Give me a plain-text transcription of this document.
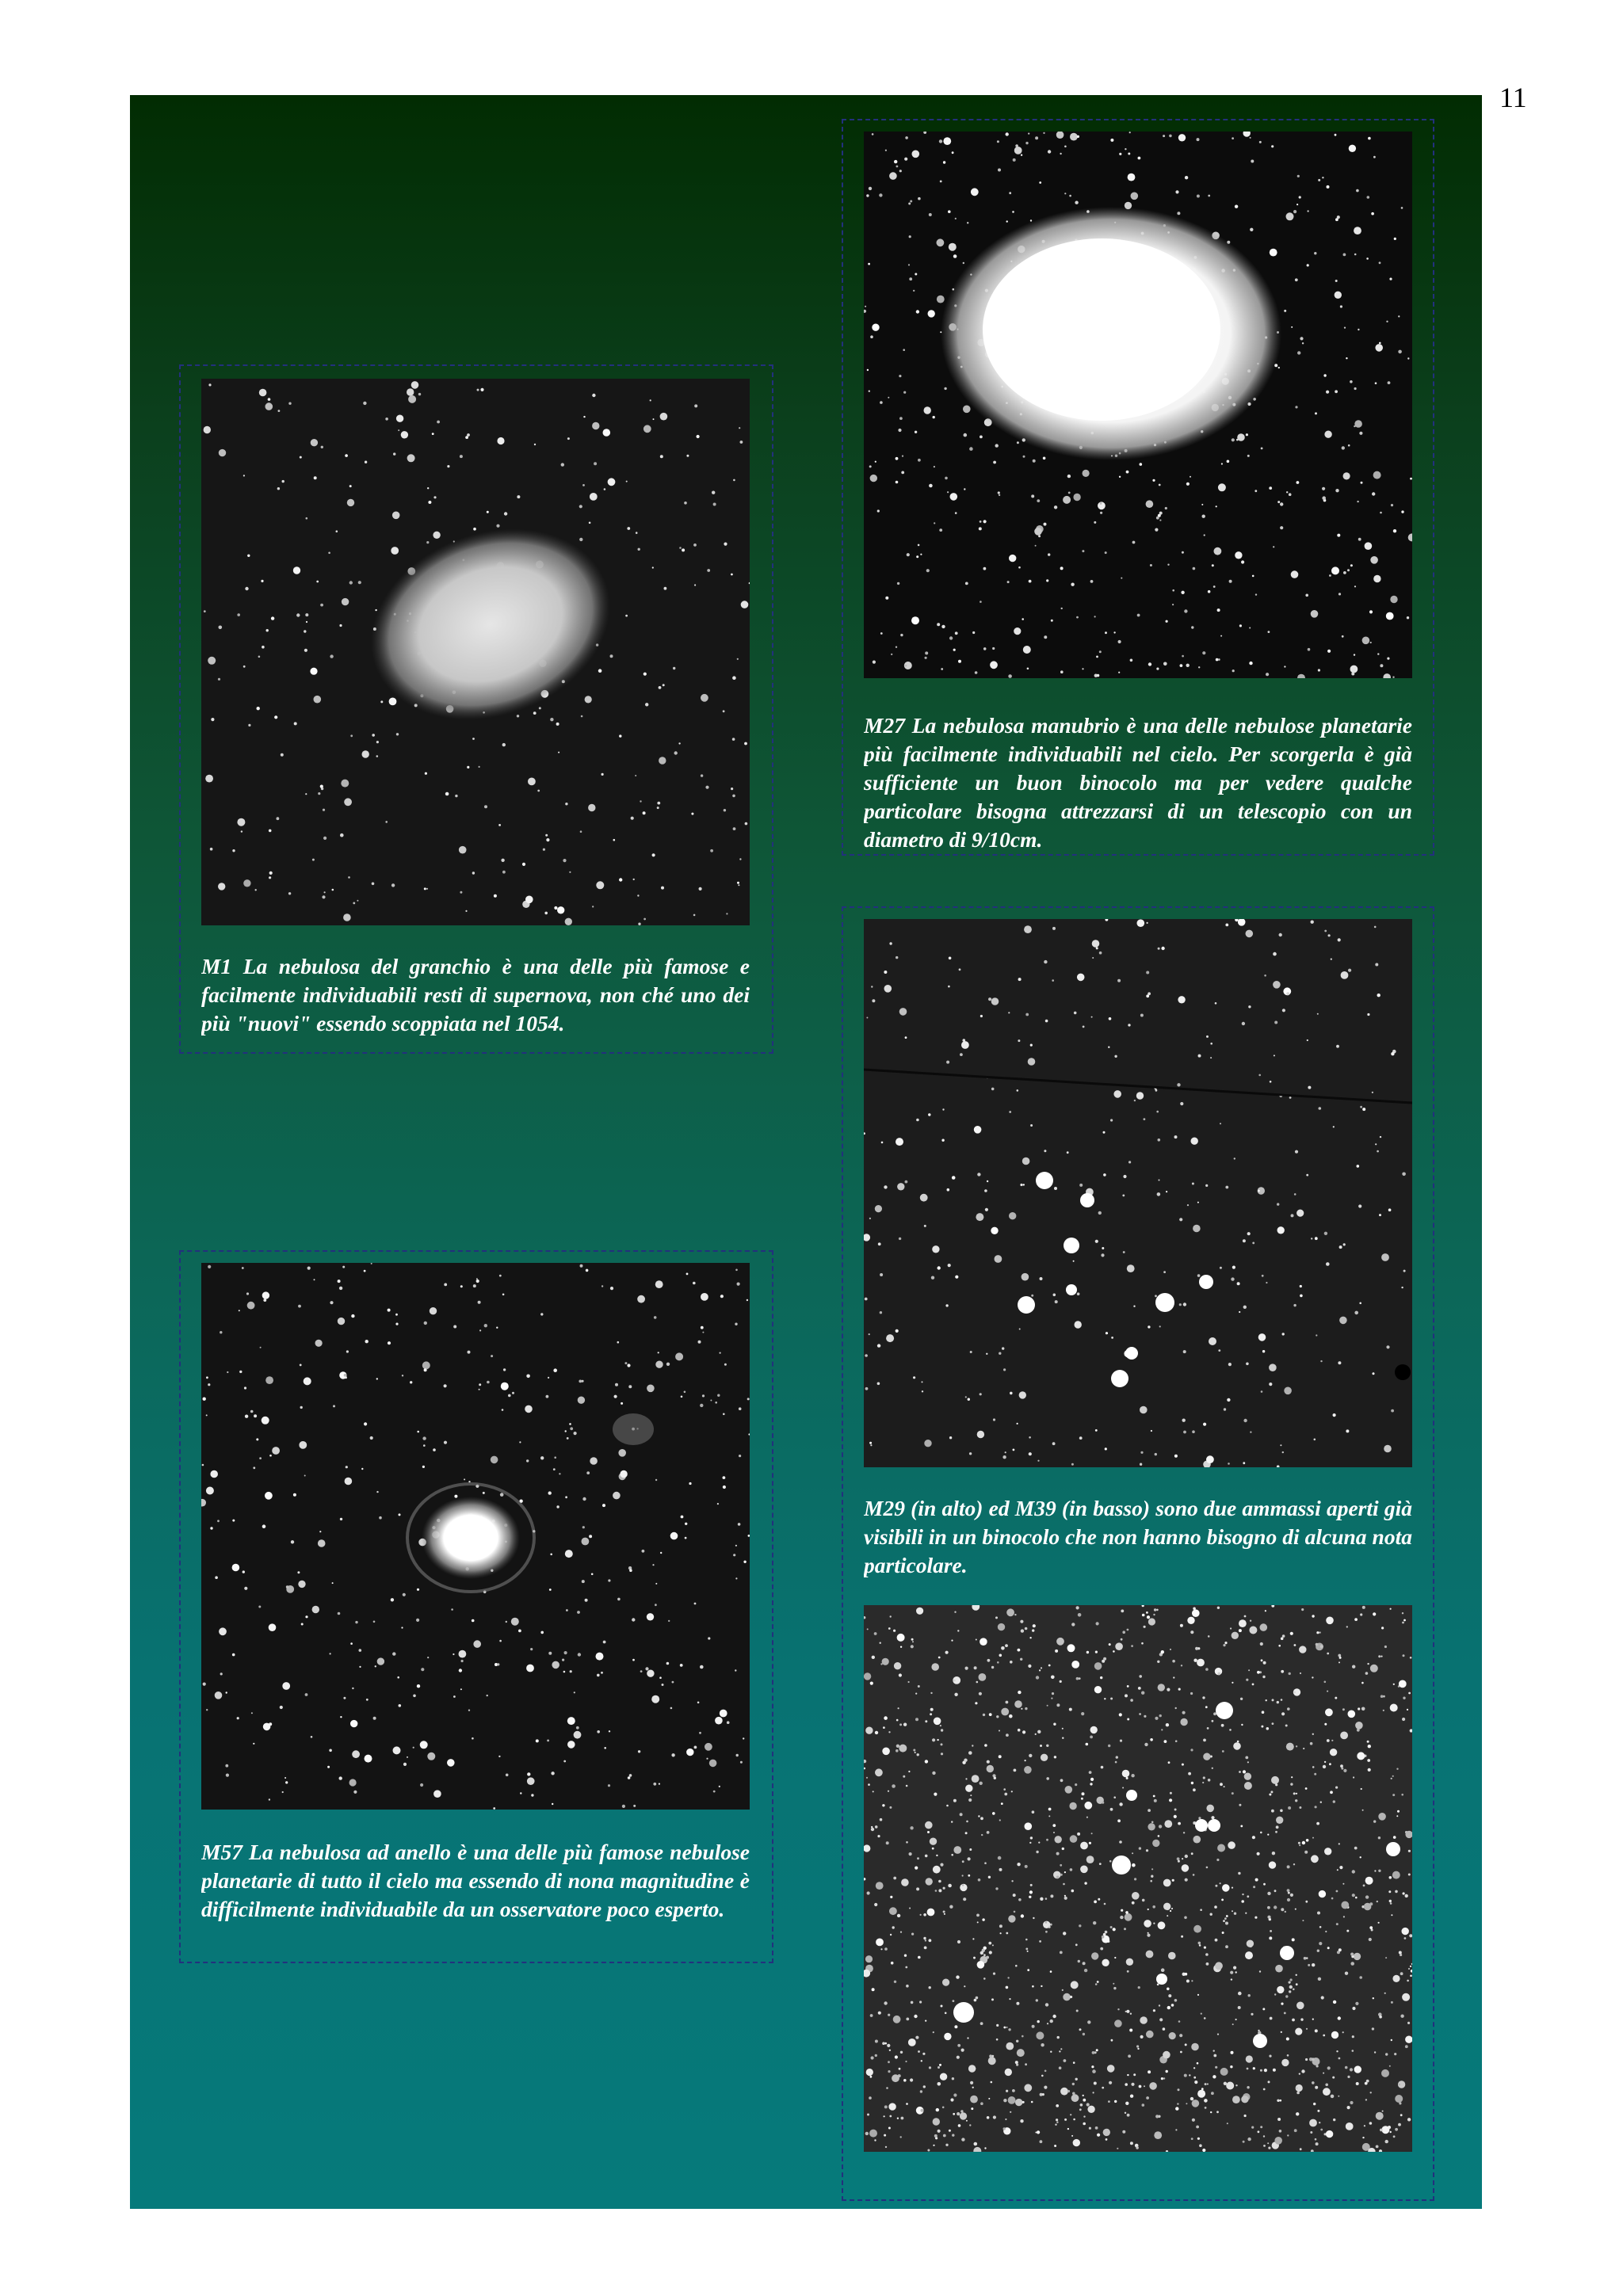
11
M27 La nebulosa manubrio è una delle nebulose planetarie più facilmente individuabili nel cielo. Per scorgerla è già sufficiente un buon binocolo ma per vedere qualche particolare bisogna attrezzarsi di un telescopio con un diametro di 9/10cm.
M1 La nebulosa del granchio è una delle più famose e facilmente individuabili resti di supernova, non ché uno dei più "nuovi" essendo scoppiata nel 1054.
M29 (in alto) ed M39 (in basso) sono due ammassi aperti già visibili in un binocolo che non hanno bisogno di alcuna nota particolare.
M57 La nebulosa ad anello è una delle più famose nebulose planetarie di tutto il cielo ma essendo di nona magnitudine è difficilmente individuabile da un osservatore poco esperto.
